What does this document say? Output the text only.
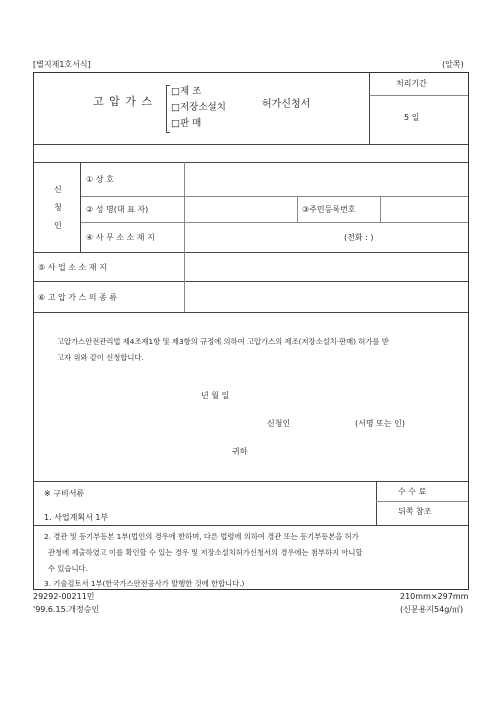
[별지제1호서식]	(앞쪽)
고 압 가 스
□제 조
□저장소설치
□판 매
허가신청서
처리기간
5 일
신
청
인
① 상 호
② 성 명(대 표 자)	③주민등록번호
④ 사 무 소 소 재 지	(전화 : )
⑤ 사 업 소 소 재 지
⑥ 고 압 가 스 의 종 류
고압가스안전관리법 제4조제1항 및 제3항의 규정에 의하여 고압가스의 제조(저장소설치·판매) 허가를 받
고자 위와 같이 신청합니다.
년 월 일
신청인	(서명 또는 인)
귀하
※ 구비서류	수 수 료
뒤쪽 참조
1. 사업계획서 1부
2. 경관 및 등기부등본 1부(법인의 경우에 한하며, 다른 법령에 의하여 경관 또는 등기부등본을 허가
관청에 제출하였고 이를 확인할 수 있는 경우 및 저장소설치허가신청서의 경우에는 첨부하지 아니할
수 있습니다.
3. 기술검토서 1부(한국가스안전공사가 발행한 것에 한합니다.)
29292-00211민
'99.6.15.개정승인
210mm×297mm
(신문용지54g/㎡)
